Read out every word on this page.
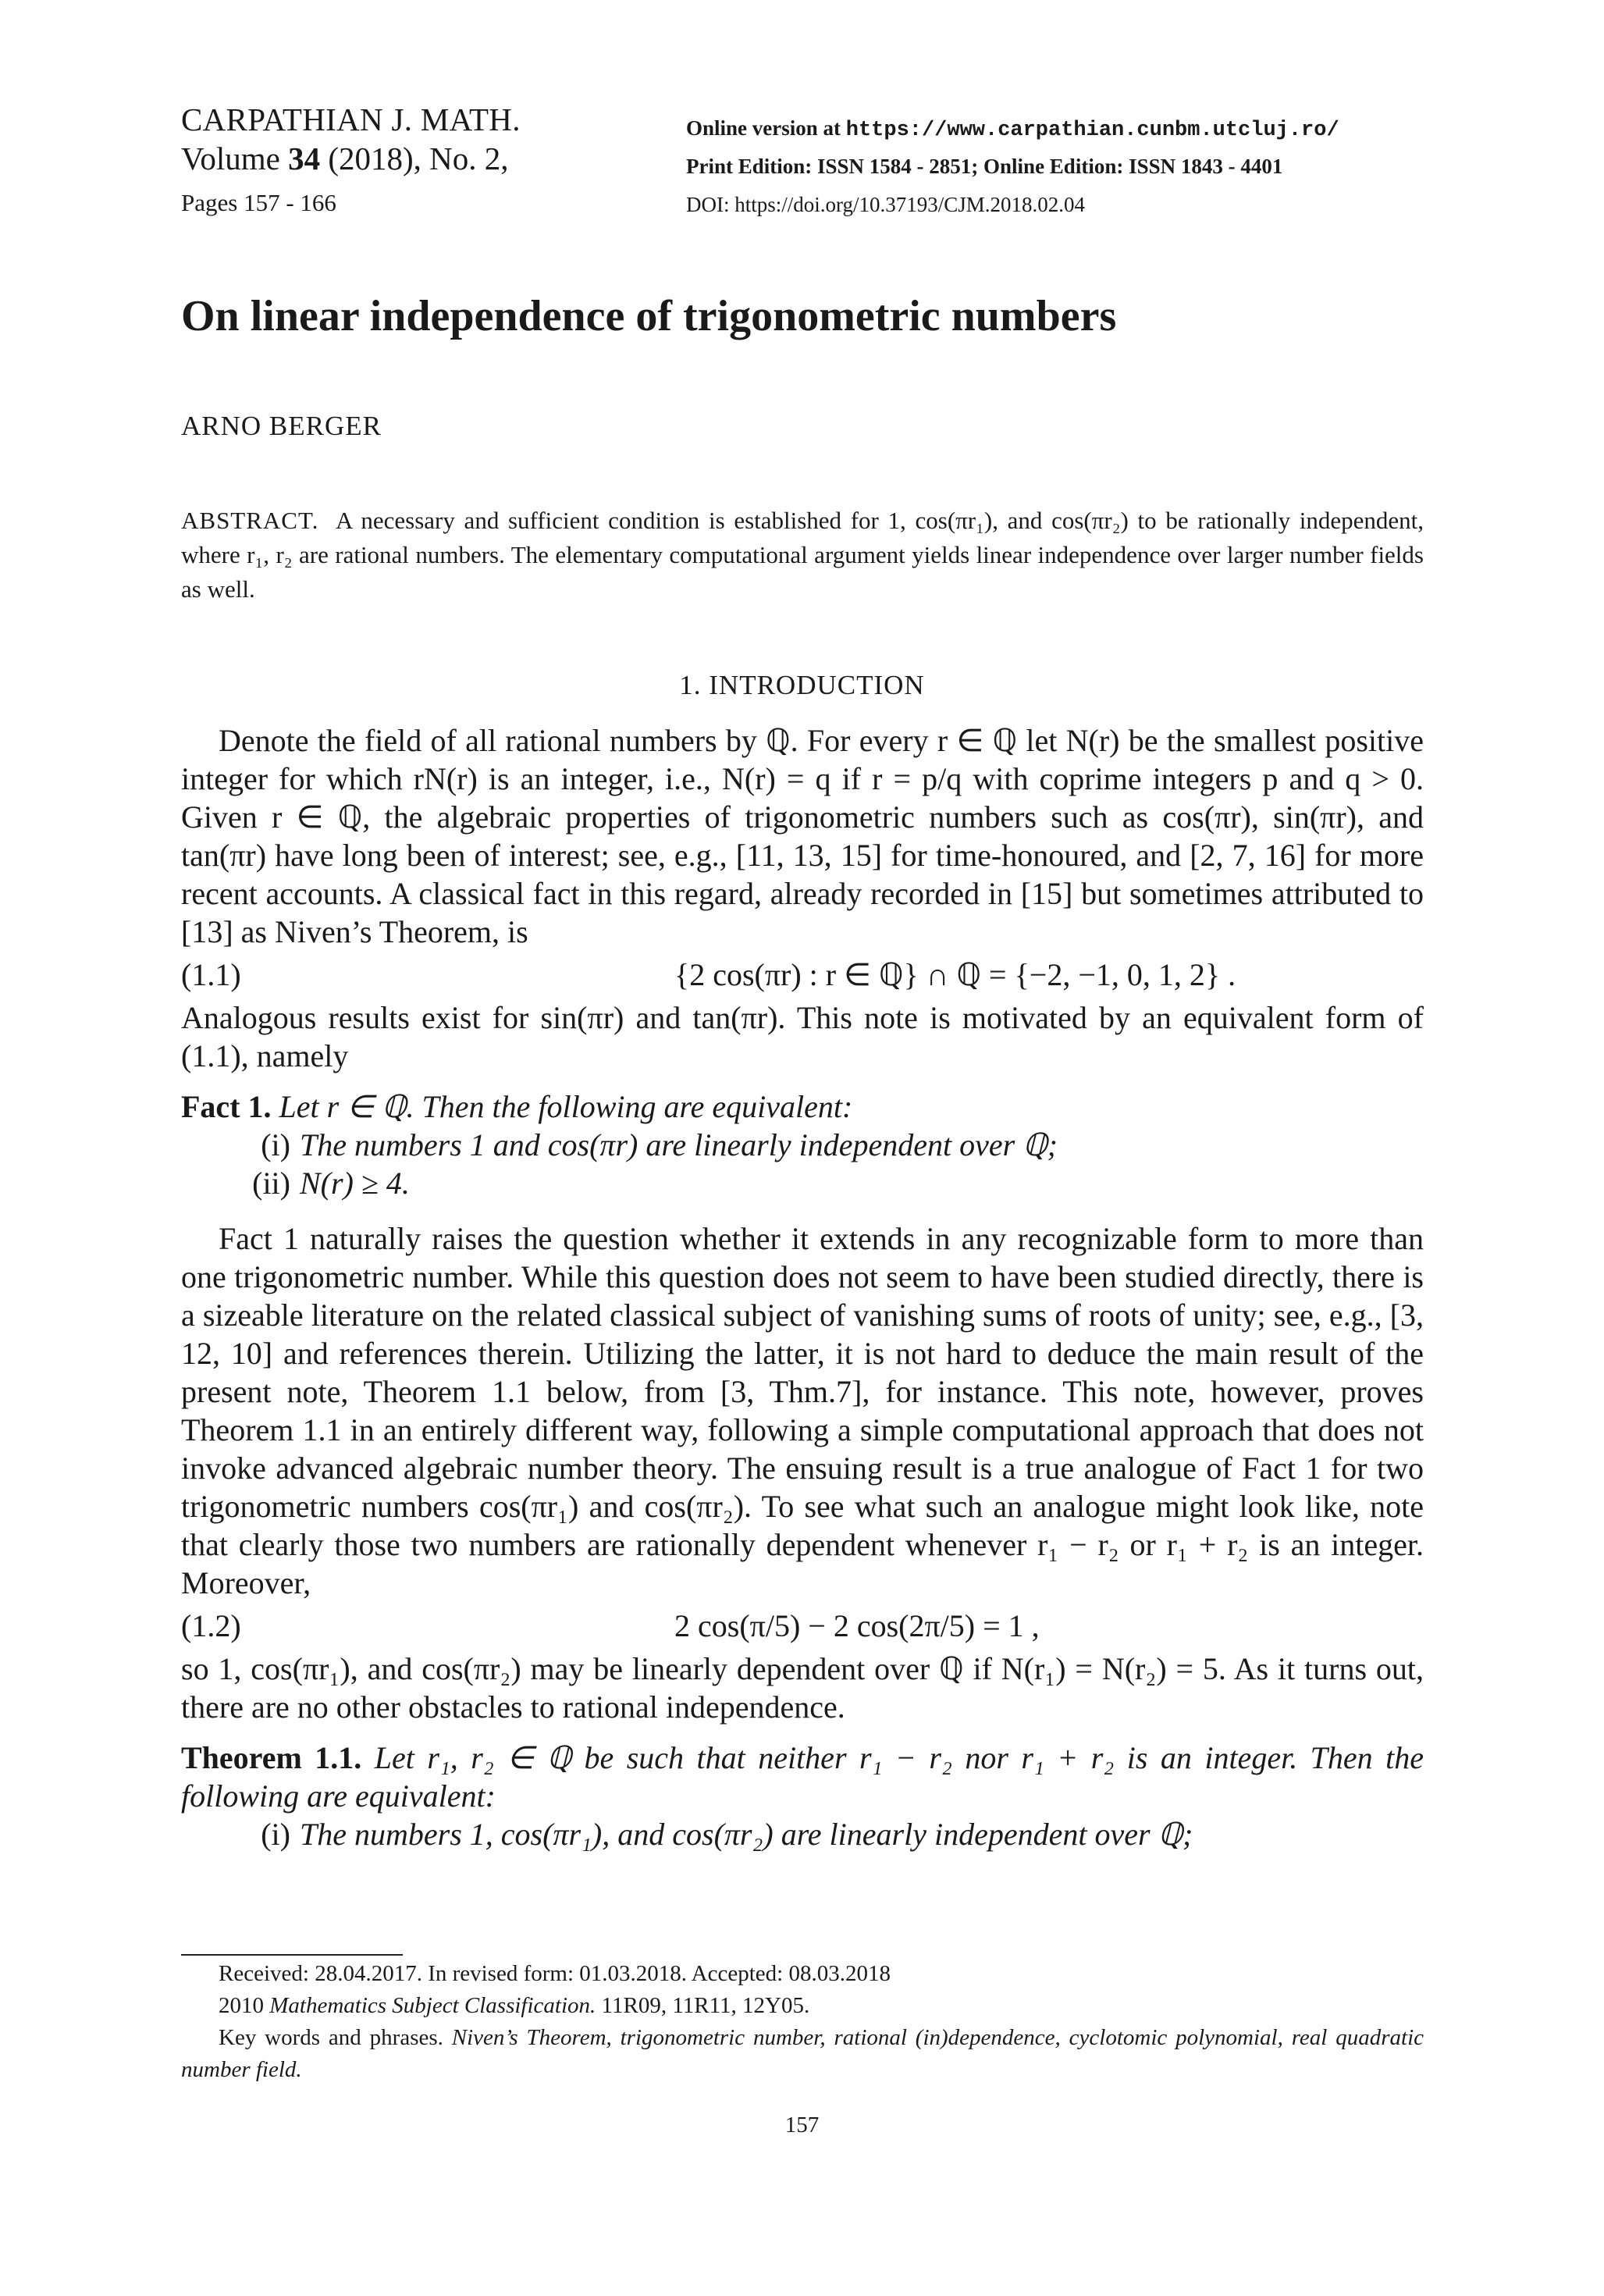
CARPATHIAN J. MATH.
Volume 34 (2018), No. 2,
Pages 157 - 166
Online version at https://www.carpathian.cunbm.utcluj.ro/
Print Edition: ISSN 1584 - 2851; Online Edition: ISSN 1843 - 4401
DOI: https://doi.org/10.37193/CJM.2018.02.04
On linear independence of trigonometric numbers
ARNO BERGER
ABSTRACT. A necessary and sufficient condition is established for 1, cos(πr₁), and cos(πr₂) to be rationally independent, where r₁, r₂ are rational numbers. The elementary computational argument yields linear independence over larger number fields as well.
1. INTRODUCTION

Denote the field of all rational numbers by ℚ. For every r ∈ ℚ let N(r) be the smallest positive integer for which rN(r) is an integer, i.e., N(r) = q if r = p/q with coprime integers p and q > 0. Given r ∈ ℚ, the algebraic properties of trigonometric numbers such as cos(πr), sin(πr), and tan(πr) have long been of interest; see, e.g., [11, 13, 15] for time-honoured, and [2, 7, 16] for more recent accounts. A classical fact in this regard, already recorded in [15] but sometimes attributed to [13] as Niven’s Theorem, is

(1.1)	{2 cos(πr) : r ∈ ℚ} ∩ ℚ = {−2, −1, 0, 1, 2} .

Analogous results exist for sin(πr) and tan(πr). This note is motivated by an equivalent form of (1.1), namely

Fact 1. Let r ∈ ℚ. Then the following are equivalent:
(i) The numbers 1 and cos(πr) are linearly independent over ℚ;
(ii) N(r) ≥ 4.

Fact 1 naturally raises the question whether it extends in any recognizable form to more than one trigonometric number. While this question does not seem to have been studied directly, there is a sizeable literature on the related classical subject of vanishing sums of roots of unity; see, e.g., [3, 12, 10] and references therein. Utilizing the latter, it is not hard to deduce the main result of the present note, Theorem 1.1 below, from [3, Thm.7], for instance. This note, however, proves Theorem 1.1 in an entirely different way, following a simple computational approach that does not invoke advanced algebraic number theory. The ensuing result is a true analogue of Fact 1 for two trigonometric numbers cos(πr₁) and cos(πr₂). To see what such an analogue might look like, note that clearly those two numbers are rationally dependent whenever r₁ − r₂ or r₁ + r₂ is an integer. Moreover,

(1.2)	2 cos(π/5) − 2 cos(2π/5) = 1 ,

so 1, cos(πr₁), and cos(πr₂) may be linearly dependent over ℚ if N(r₁) = N(r₂) = 5. As it turns out, there are no other obstacles to rational independence.

Theorem 1.1. Let r₁, r₂ ∈ ℚ be such that neither r₁ − r₂ nor r₁ + r₂ is an integer. Then the following are equivalent:
(i) The numbers 1, cos(πr₁), and cos(πr₂) are linearly independent over ℚ;

Received: 28.04.2017. In revised form: 01.03.2018. Accepted: 08.03.2018

2010 Mathematics Subject Classification. 11R09, 11R11, 12Y05.

Key words and phrases. Niven’s Theorem, trigonometric number, rational (in)dependence, cyclotomic polynomial, real quadratic number field.

157
